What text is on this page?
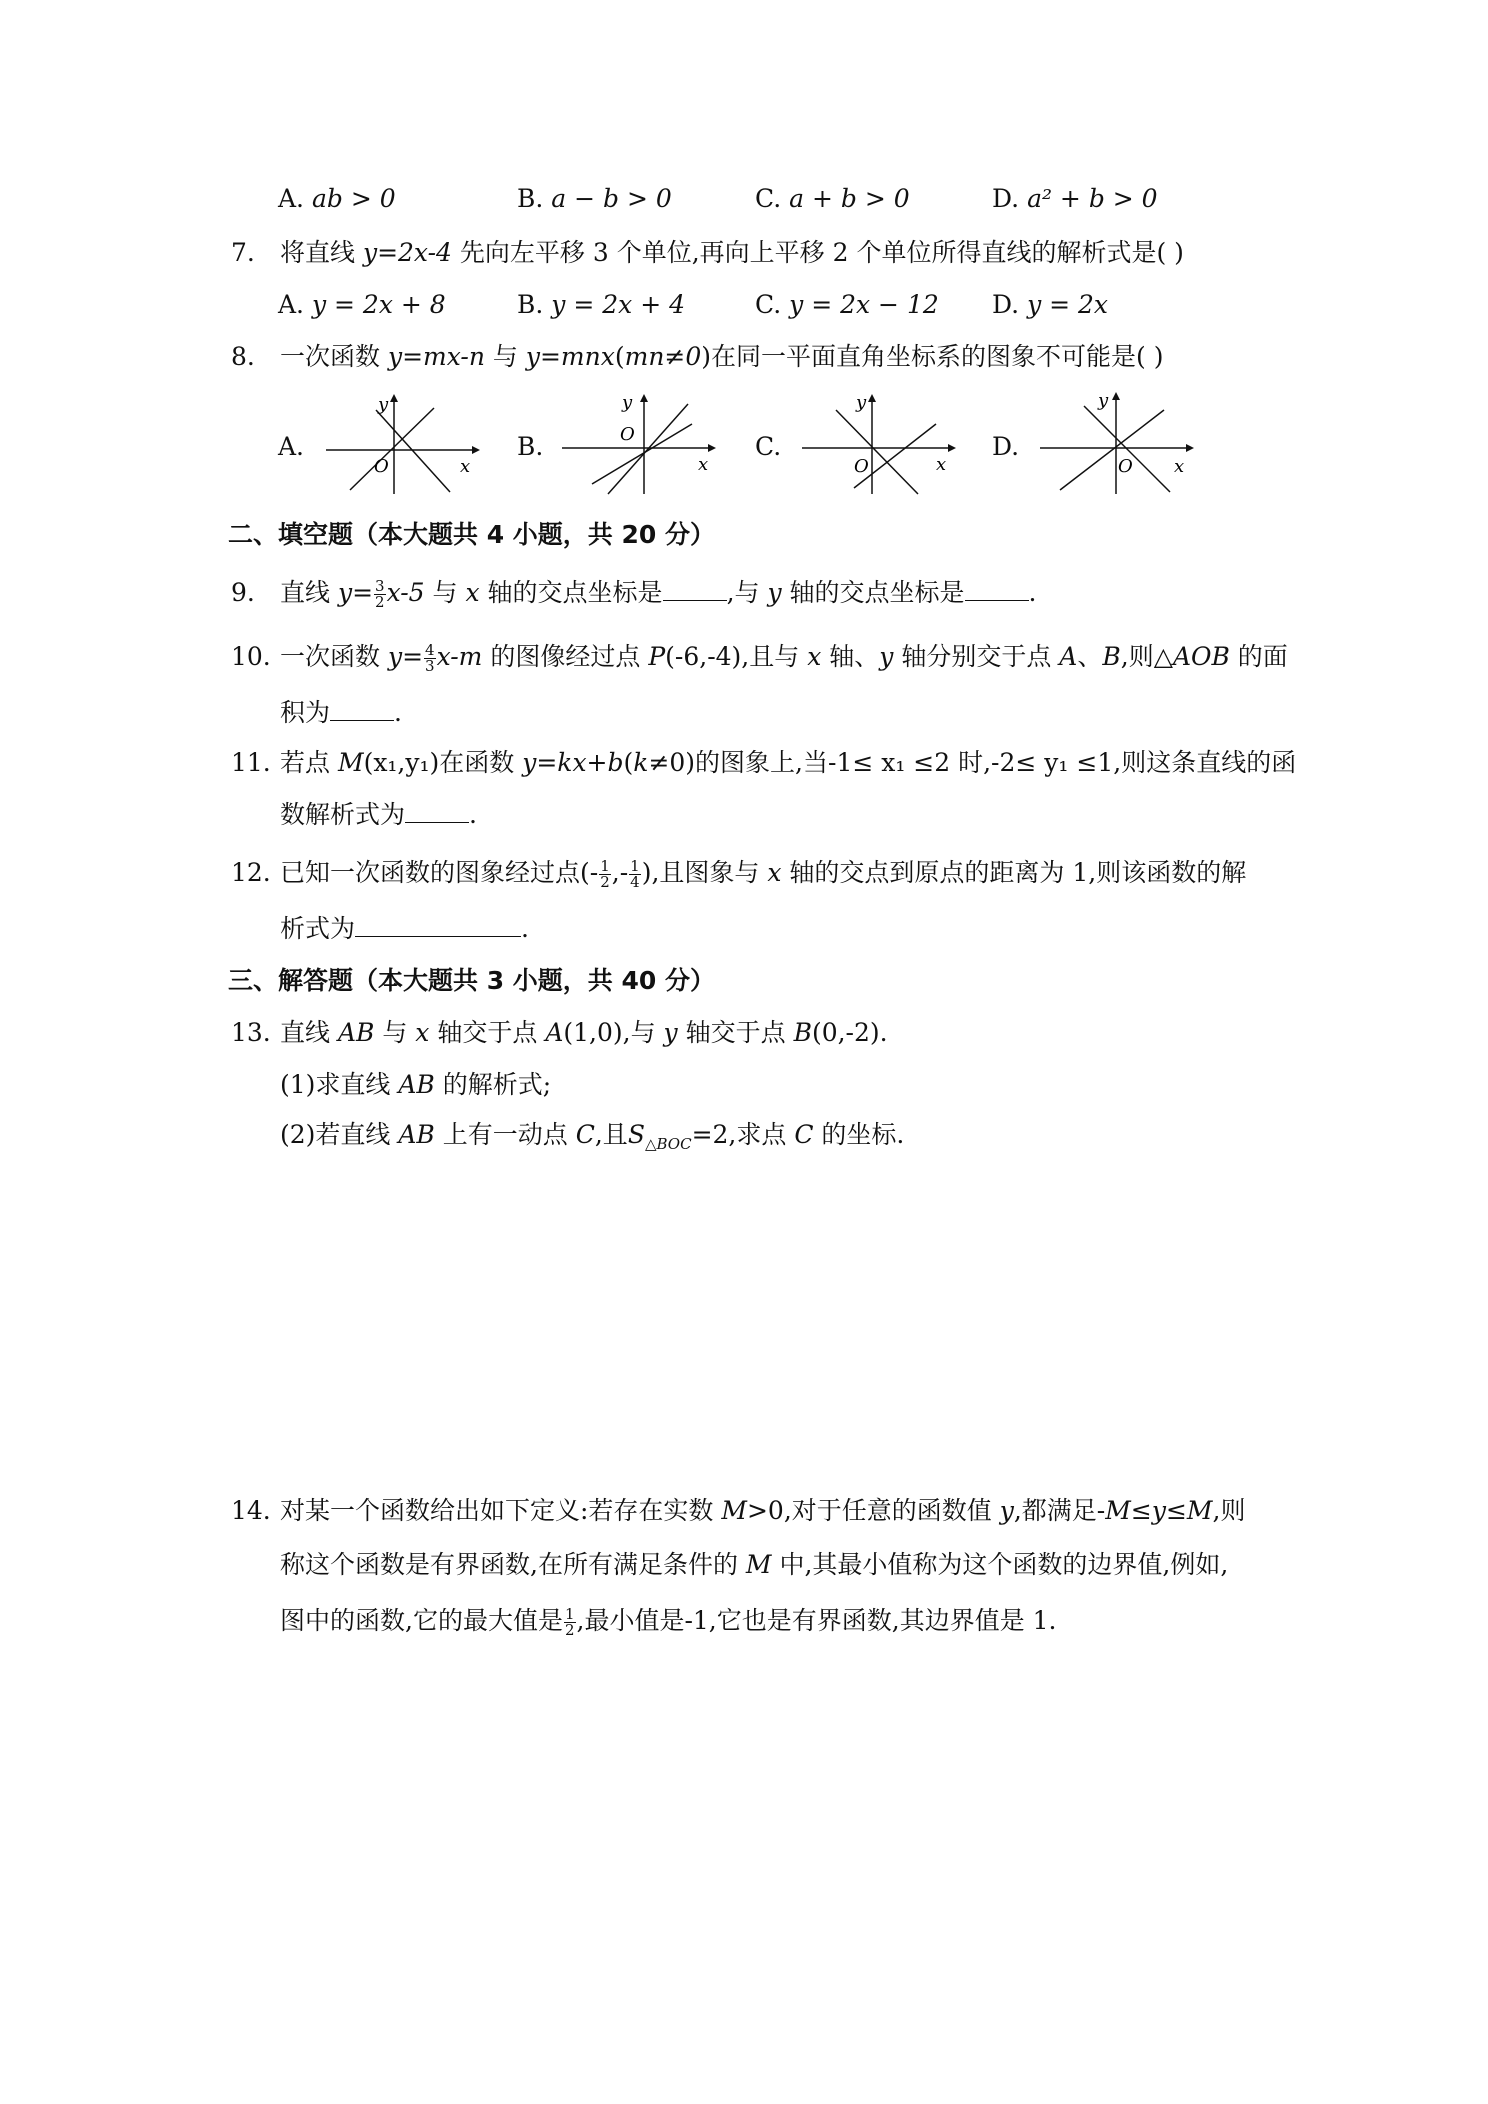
A. ab > 0	B. a − b > 0	C. a + b > 0	D. a² + b > 0
7. 将直线 y=2x-4 先向左平移 3 个单位,再向上平移 2 个单位所得直线的解析式是( )
A. y = 2x + 8	B. y = 2x + 4	C. y = 2x − 12 D. y = 2x
8. 一次函数 y=mx-n 与 y=mnx(mn≠0)在同一平面直角坐标系的图象不可能是( )
A.	B.	C.	D.
y
O	x
y
O
x
y
O	x
y
O x
二、填空题（本大题共 4 小题，共 20 分）
9. 直线 $y= \frac{3}{2} x-5$ 与 x 轴的交点坐标是	,与 y 轴的交点坐标是	.
10. 一次函数 $y= \frac{4}{3} x-m$ 的图像经过点 P(-6,-4),且与 x 轴、y 轴分别交于点 A、B,则△AOB 的面
积为	.
11. 若点 M(x₁,y₁)在函数 y=kx+b(k≠0)的图象上,当-1≤ x₁ ≤2 时,-2≤ y₁ ≤1,则这条直线的函
数解析式为	.
12. 已知一次函数的图象经过点(- $\frac{1}{2}$ ,- $\frac{1}{4}$ ),且图象与 x 轴的交点到原点的距离为 1,则该函数的解
析式为	.
三、解答题（本大题共 3 小题，共 40 分）
13. 直线 AB 与 x 轴交于点 A(1,0),与 y 轴交于点 B(0,-2).
(1)求直线 AB 的解析式;
(2)若直线 AB 上有一动点 C,且$S_{\triangle BOC}=2$,求点 C 的坐标.
14. 对某一个函数给出如下定义:若存在实数 M>0,对于任意的函数值 y,都满足-M≤y≤M,则
称这个函数是有界函数,在所有满足条件的 M 中,其最小值称为这个函数的边界值,例如,
图中的函数,它的最大值是 $\frac{1}{2}$ ,最小值是-1,它也是有界函数,其边界值是 1.
